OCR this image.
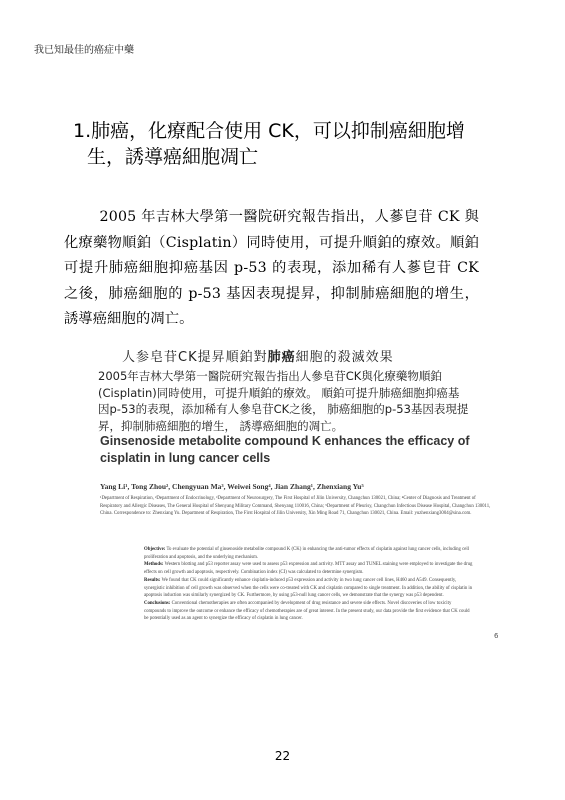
我已知最佳的癌症中藥
1.肺癌，化療配合使用 CK，可以抑制癌細胞增
生，誘導癌細胞凋亡
2005 年吉林大學第一醫院研究報告指出，人蔘皀苷 CK 與化療藥物順鉑（Cisplatin）同時使用，可提升順鉑的療效。順鉑可提升肺癌細胞抑癌基因 p-53 的表現，添加稀有人蔘皀苷 CK 之後，肺癌細胞的 p-53 基因表現提昇，抑制肺癌細胞的增生，誘導癌細胞的凋亡。
人参皂苷CK提昇順鉑對肺癌細胞的殺滅效果
2005年吉林大學第一醫院研究報告指出人參皂苷CK與化療藥物順鉑(Cisplatin)同時使用，可提升順鉑的療效。 順鉑可提升肺癌細胞抑癌基因p-53的表現，添加稀有人參皂苷CK之後， 肺癌細胞的p-53基因表現提昇，抑制肺癌細胞的增生， 誘導癌細胞的凋亡。
Ginsenoside metabolite compound K enhances the efficacy of cisplatin in lung cancer cells
Yang Li¹, Tong Zhou², Chengyuan Ma³, Weiwei Song⁴, Jian Zhang¹, Zhenxiang Yu⁵
¹Department of Respiration, ²Department of Endocrinology, ³Department of Neurosurgery, The First Hospital of Jilin University, Changchun 130021, China; ⁴Center of Diagnosis and Treatment of Respiratory and Allergic Diseases, The General Hospital of Shenyang Military Command, Shenyang 110016, China; ⁵Department of Pleurisy, Changchun Infectious Disease Hospital, Changchun 130011, China. Correspondence to: Zhenxiang Yu. Department of Respiration, The First Hospital of Jilin University, Xin Ming Road 71, Changchun 130021, China. Email: yuzhenxiang3004@sina.com.
Objective: To evaluate the potential of ginsenoside metabolite compound K (CK) in enhancing the anti-tumor effects of cisplatin against lung cancer cells, including cell proliferation and apoptosis, and the underlying mechanism.
Methods: Western blotting and p53 reporter assay were used to assess p53 expression and activity. MTT assay and TUNEL staining were employed to investigate the drug effects on cell growth and apoptosis, respectively. Combination index (CI) was calculated to determine synergism.
Results: We found that CK could significantly enhance cisplatin-induced p53 expression and activity in two lung cancer cell lines, H460 and A549. Consequently, synergistic inhibition of cell growth was observed when the cells were co-treated with CK and cisplatin compared to single treatment. In addition, the ability of cisplatin in apoptosis induction was similarly synergized by CK. Furthermore, by using p53-null lung cancer cells, we demonstrate that the synergy was p53 dependent.
Conclusions: Conventional chemotherapies are often accompanied by development of drug resistance and severe side effects. Novel discoveries of low toxicity compounds to improve the outcome or enhance the efficacy of chemotherapies are of great interest. In the present study, our data provide the first evidence that CK could be potentially used as an agent to synergize the efficacy of cisplatin in lung cancer.
6
22
